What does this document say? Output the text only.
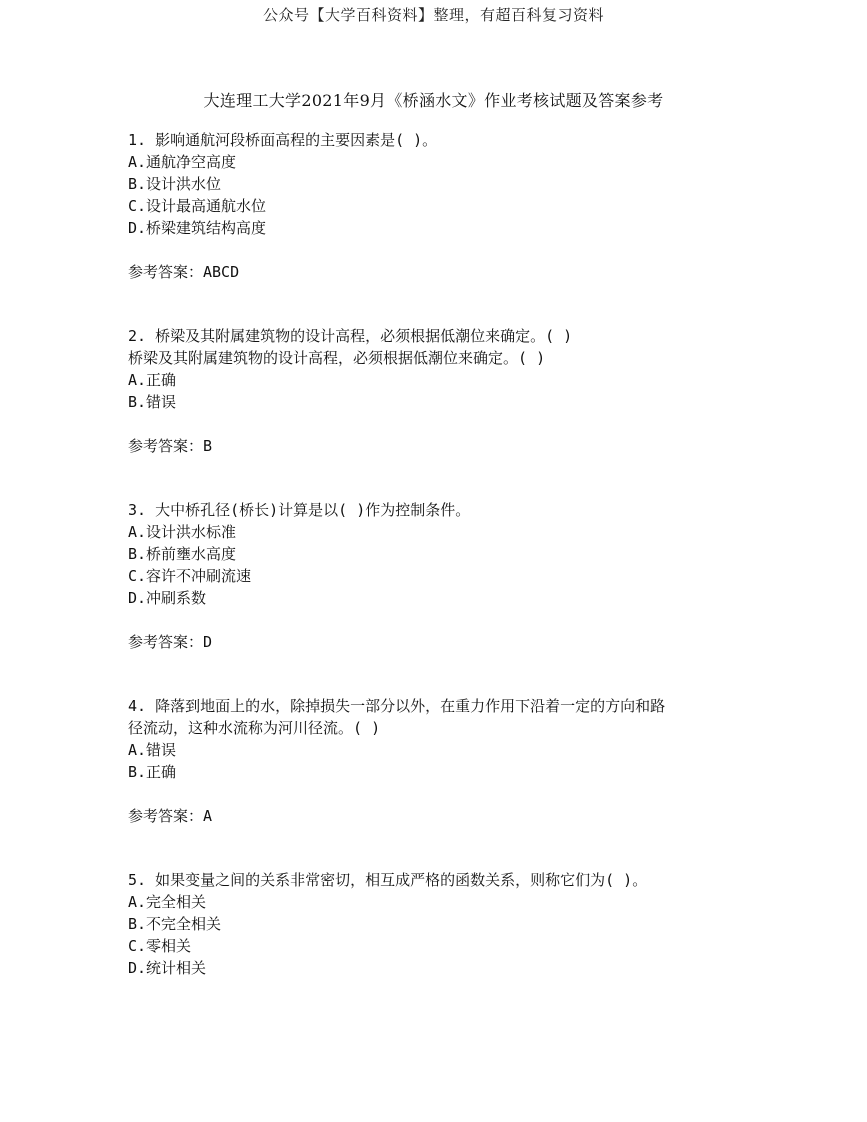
公众号【大学百科资料】整理，有超百科复习资料
大连理工大学2021年9月《桥涵水文》作业考核试题及答案参考
1. 影响通航河段桥面高程的主要因素是( )。
A.通航净空高度
B.设计洪水位
C.设计最高通航水位
D.桥梁建筑结构高度
参考答案：ABCD
2. 桥梁及其附属建筑物的设计高程，必须根据低潮位来确定。( )
桥梁及其附属建筑物的设计高程，必须根据低潮位来确定。( )
A.正确
B.错误
参考答案：B
3. 大中桥孔径(桥长)计算是以( )作为控制条件。
A.设计洪水标准
B.桥前壅水高度
C.容许不冲刷流速
D.冲刷系数
参考答案：D
4. 降落到地面上的水，除掉损失一部分以外，在重力作用下沿着一定的方向和路
径流动，这种水流称为河川径流。( )
A.错误
B.正确
参考答案：A
5. 如果变量之间的关系非常密切，相互成严格的函数关系，则称它们为( )。
A.完全相关
B.不完全相关
C.零相关
D.统计相关
